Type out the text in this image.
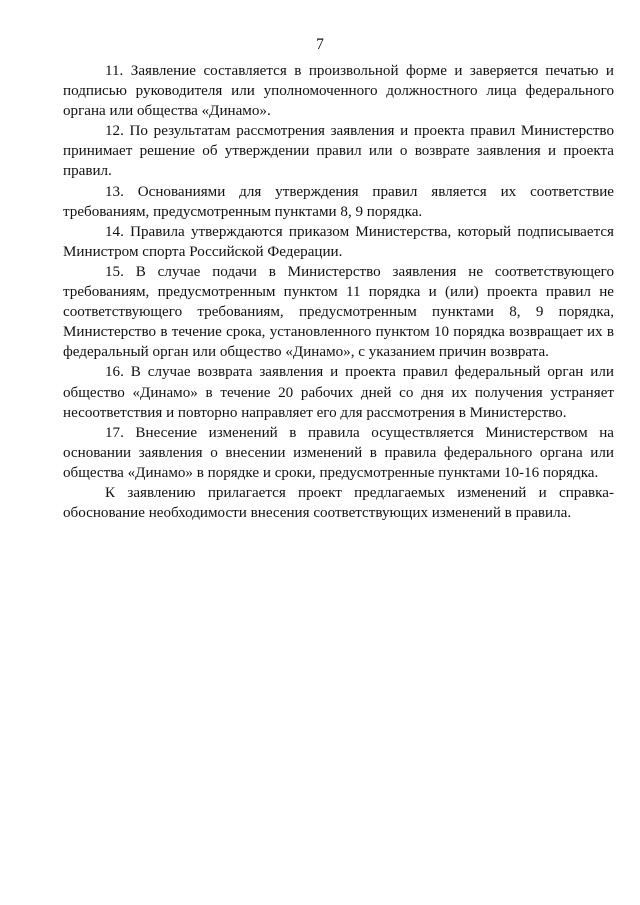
7

11. Заявление составляется в произвольной форме и заверяется печатью и подписью руководителя или уполномоченного должностного лица федерального органа или общества «Динамо».

12. По результатам рассмотрения заявления и проекта правил Министерство принимает решение об утверждении правил или о возврате заявления и проекта правил.

13. Основаниями для утверждения правил является их соответствие требованиям, предусмотренным пунктами 8, 9 порядка.

14. Правила утверждаются приказом Министерства, который подписывается Министром спорта Российской Федерации.

15. В случае подачи в Министерство заявления не соответствующего требованиям, предусмотренным пунктом 11 порядка и (или) проекта правил не соответствующего требованиям, предусмотренным пунктами 8, 9 порядка, Министерство в течение срока, установленного пунктом 10 порядка возвращает их в федеральный орган или общество «Динамо», с указанием причин возврата.

16. В случае возврата заявления и проекта правил федеральный орган или общество «Динамо» в течение 20 рабочих дней со дня их получения устраняет несоответствия и повторно направляет его для рассмотрения в Министерство.

17. Внесение изменений в правила осуществляется Министерством на основании заявления о внесении изменений в правила федерального органа или общества «Динамо» в порядке и сроки, предусмотренные пунктами 10-16 порядка.

К заявлению прилагается проект предлагаемых изменений и справка-обоснование необходимости внесения соответствующих изменений в правила.
